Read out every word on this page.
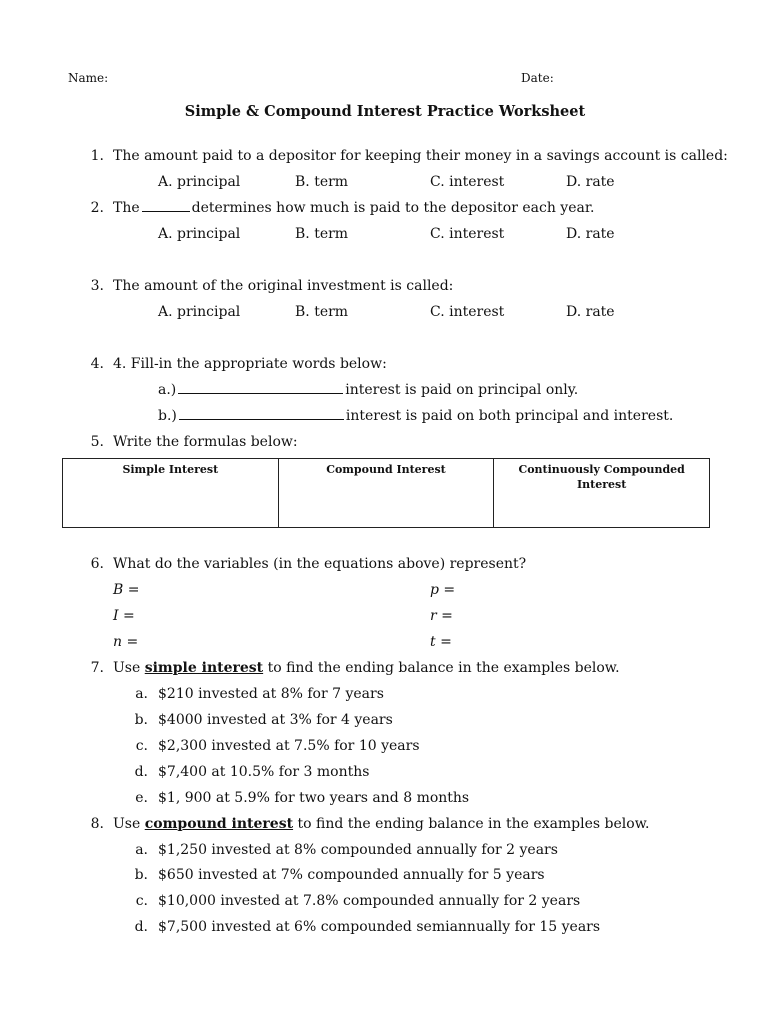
Name:	Date:
Simple & Compound Interest Practice Worksheet
1. The amount paid to a depositor for keeping their money in a savings account is called:
A. principal	B. term	C. interest	D. rate
2. The	determines how much is paid to the depositor each year.
A. principal	B. term	C. interest	D. rate
3. The amount of the original investment is called:
A. principal	B. term	C. interest	D. rate
4. 4. Fill-in the appropriate words below:
a.)	interest is paid on principal only.
b.)	interest is paid on both principal and interest.
5. Write the formulas below:
Simple Interest	Compound Interest	Continuously Compounded Interest
6. What do the variables (in the equations above) represent?
B =	p =
I =	r =
n =	t =
7. Use simple interest to find the ending balance in the examples below.
a. $210 invested at 8% for 7 years
b. $4000 invested at 3% for 4 years
c. $2,300 invested at 7.5% for 10 years
d. $7,400 at 10.5% for 3 months
e. $1, 900 at 5.9% for two years and 8 months
8. Use compound interest to find the ending balance in the examples below.
a. $1,250 invested at 8% compounded annually for 2 years
b. $650 invested at 7% compounded annually for 5 years
c. $10,000 invested at 7.8% compounded annually for 2 years
d. $7,500 invested at 6% compounded semiannually for 15 years
